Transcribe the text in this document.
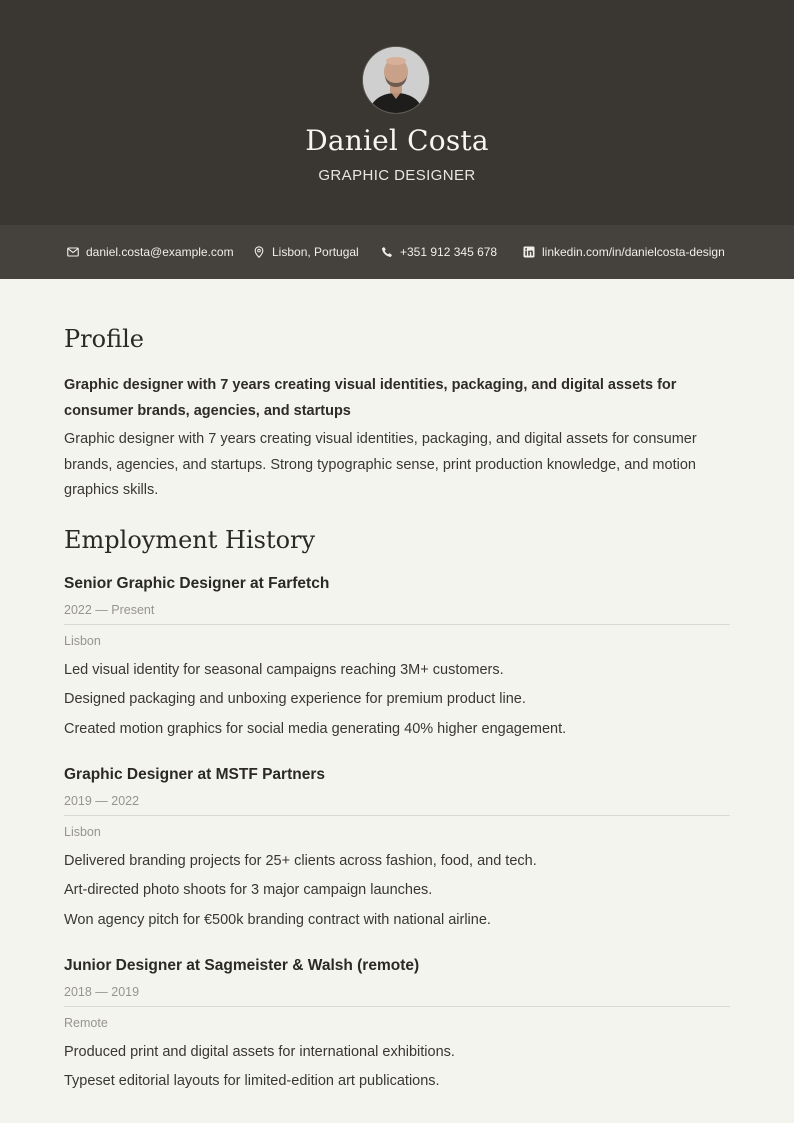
Daniel Costa
GRAPHIC DESIGNER
daniel.costa@example.com	Lisbon, Portugal	+351 912 345 678	linkedin.com/in/danielcosta-design
Profile
Graphic designer with 7 years creating visual identities, packaging, and digital assets for consumer brands, agencies, and startups
Graphic designer with 7 years creating visual identities, packaging, and digital assets for consumer brands, agencies, and startups. Strong typographic sense, print production knowledge, and motion graphics skills.
Employment History
Senior Graphic Designer at Farfetch
2022 — Present
Lisbon
Led visual identity for seasonal campaigns reaching 3M+ customers.
Designed packaging and unboxing experience for premium product line.
Created motion graphics for social media generating 40% higher engagement.
Graphic Designer at MSTF Partners
2019 — 2022
Lisbon
Delivered branding projects for 25+ clients across fashion, food, and tech.
Art-directed photo shoots for 3 major campaign launches.
Won agency pitch for €500k branding contract with national airline.
Junior Designer at Sagmeister & Walsh (remote)
2018 — 2019
Remote
Produced print and digital assets for international exhibitions.
Typeset editorial layouts for limited-edition art publications.
